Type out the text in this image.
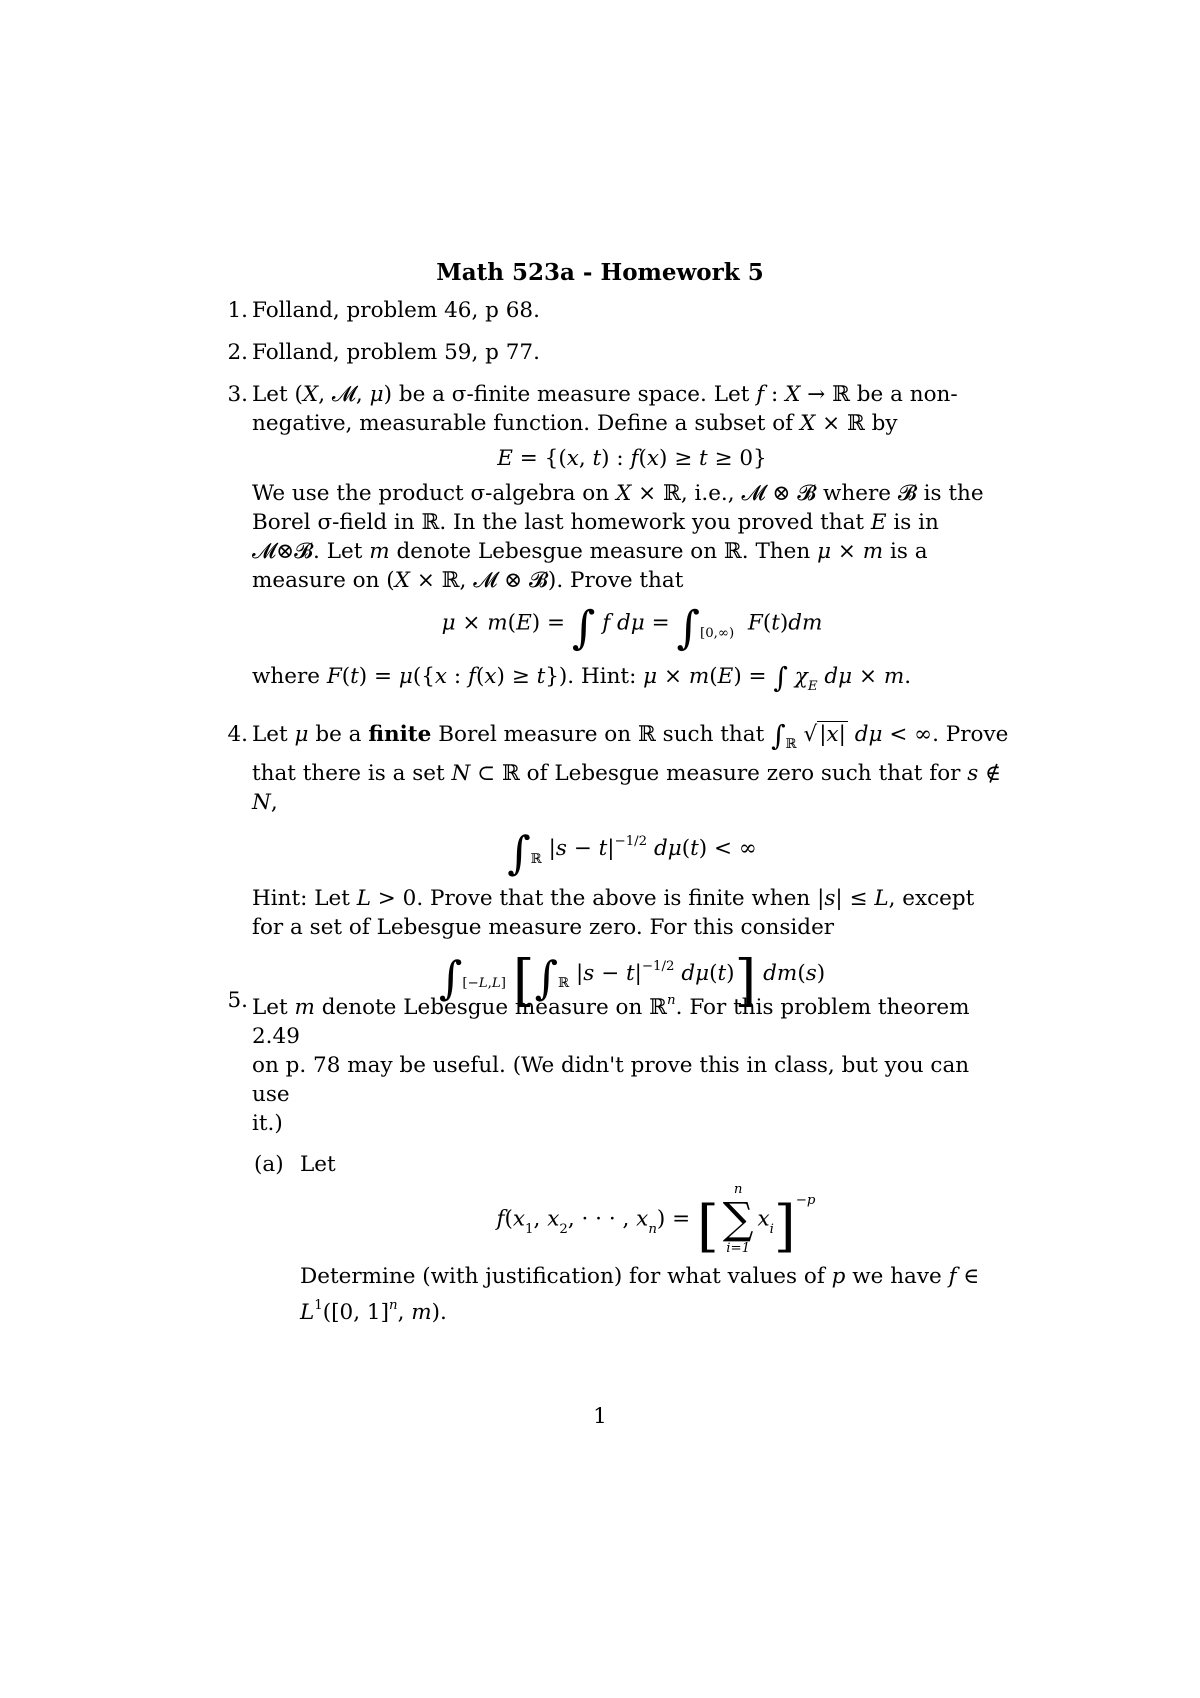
Math 523a - Homework 5
1. Folland, problem 46, p 68.

2. Folland, problem 59, p 77.

3. Let (X, 𝓜, μ) be a σ-finite measure space. Let f : X → ℝ be a non-
negative, measurable function. Define a subset of X × ℝ by

E = {(x, t) : f(x) ≥ t ≥ 0}

We use the product σ-algebra on X × ℝ, i.e., 𝓜 ⊗ 𝓑 where 𝓑 is the Borel σ-field in ℝ. In the last homework you proved that E is in 𝓜⊗𝓑. Let m denote Lebesgue measure on ℝ. Then μ × m is a measure on (X × ℝ, 𝓜 ⊗ 𝓑). Prove that

μ × m(E) = ∫ f $d\mu = \int_{[0,\infty)}$ F(t)dm

where F(t) = μ({x : f(x) ≥ t}). Hint: μ × m(E) = ∫ $\chi_E$ dμ × m.

4. Let μ be a finite Borel measure on ℝ such that $\int_ℝ$ √|x| dμ < ∞. Prove
that there is a set N ⊂ ℝ of Lebesgue measure zero such that for s ∉ N,

$\int_ℝ$ $|s - t|^{-1/2}$ dμ(t) < ∞

Hint: Let L > 0. Prove that the above is finite when |s| ≤ L, except
for a set of Lebesgue measure zero. For this consider

$\int_{[-L,L]}$ [$\int_ℝ$ $|s - t|^{-1/2}$ dμ(t)] dm(s)
5. Let m denote Lebesgue measure on ℝ$^n$. For this problem theorem 2.49
on p. 78 may be useful. (We didn't prove this in class, but you can use
it.)

(a) Let

$f(x_1$, $x_2$, · · · , $x_n$) = [
n
∑
i=1
$x_i]^{-p}$

Determine (with justification) for what values of p we have f ∈
$L^1([0$, 1]$^n$, m).

1
